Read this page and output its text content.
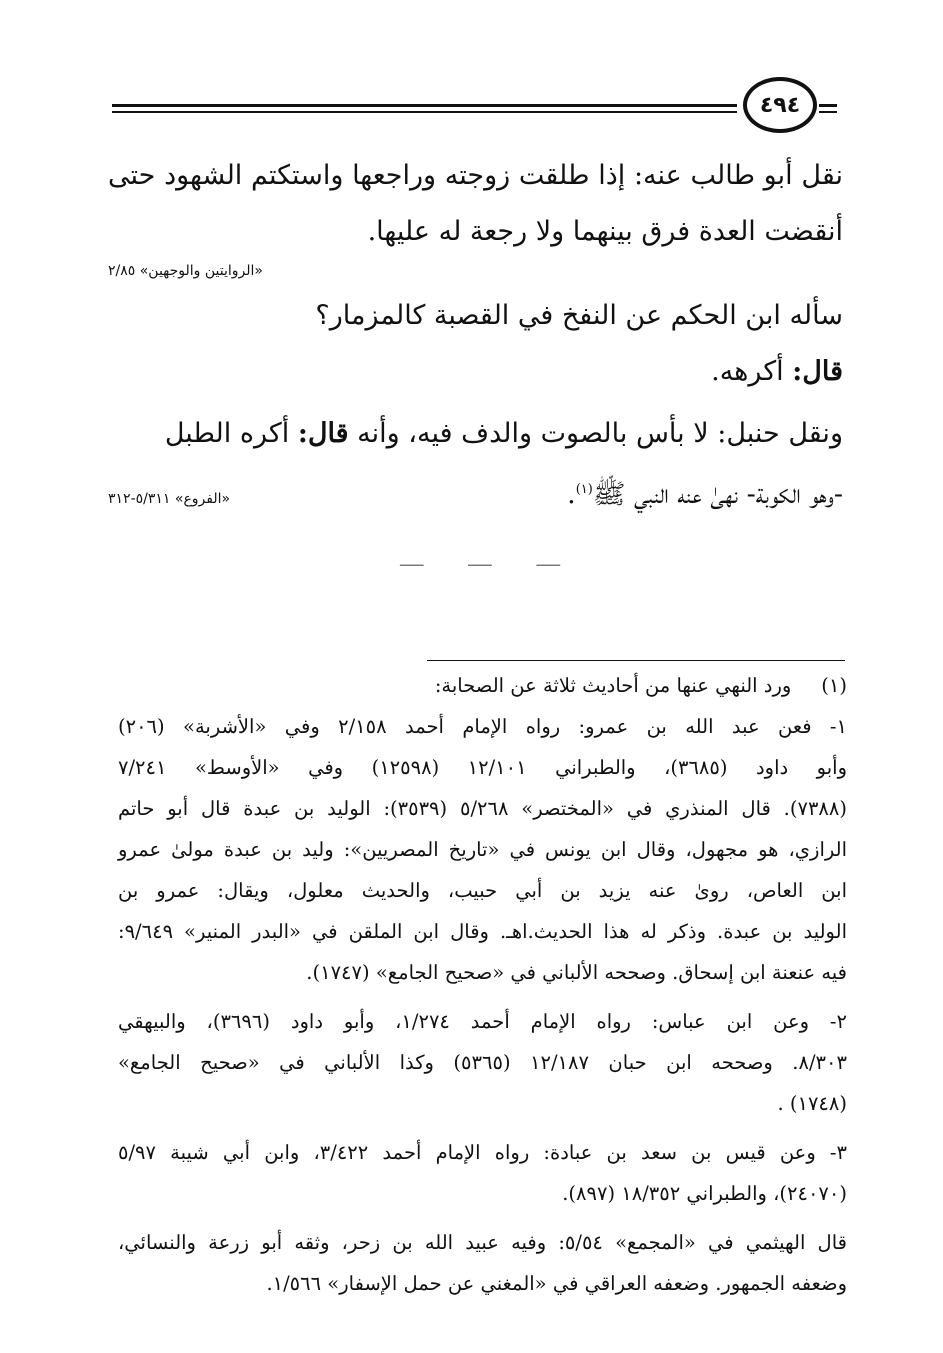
٤٩٤
نقل أبو طالب عنه: إذا طلقت زوجته وراجعها واستكتم الشهود حتى
أنقضت العدة فرق بينهما ولا رجعة له عليها.
«الروايتين والوجهين» ٢/٨٥
سأله ابن الحكم عن النفخ في القصبة كالمزمار؟
قال: أكرهه.
ونقل حنبل: لا بأس بالصوت والدف فيه، وأنه قال: أكره الطبل
-وهو الكوبة- نهىٰ عنه النبي ﷺ$^{(١)}$.
«الفروع» ٥/٣١١-٣١٢
ـــــ
ـــــ
ـــــ
(١)
ورد النهي عنها من أحاديث ثلاثة عن الصحابة:
١- فعن عبد الله بن عمرو: رواه الإمام أحمد ٢/١٥٨ وفي «الأشربة» (٢٠٦)
وأبو داود (٣٦٨٥)، والطبراني ١٢/١٠١ (١٢٥٩٨) وفي «الأوسط» ٧/٢٤١
(٧٣٨٨). قال المنذري في «المختصر» ٥/٢٦٨ (٣٥٣٩): الوليد بن عبدة قال أبو حاتم
الرازي، هو مجهول، وقال ابن يونس في «تاريخ المصريين»: وليد بن عبدة مولىٰ عمرو
ابن العاص، روىٰ عنه يزيد بن أبي حبيب، والحديث معلول، ويقال: عمرو بن
الوليد بن عبدة. وذكر له هذا الحديث.اهـ. وقال ابن الملقن في «البدر المنير» ٩/٦٤٩:
فيه عنعنة ابن إسحاق. وصححه الألباني في «صحيح الجامع» (١٧٤٧).
٢- وعن ابن عباس: رواه الإمام أحمد ١/٢٧٤، وأبو داود (٣٦٩٦)، والبيهقي
٨/٣٠٣. وصححه ابن حبان ١٢/١٨٧ (٥٣٦٥) وكذا الألباني في «صحيح الجامع»
(١٧٤٨) .
٣- وعن قيس بن سعد بن عبادة: رواه الإمام أحمد ٣/٤٢٢، وابن أبي شيبة ٥/٩٧
(٢٤٠٧٠)، والطبراني ١٨/٣٥٢ (٨٩٧).
قال الهيثمي في «المجمع» ٥/٥٤: وفيه عبيد الله بن زحر، وثقه أبو زرعة والنسائي،
وضعفه الجمهور. وضعفه العراقي في «المغني عن حمل الإسفار» ١/٥٦٦.
